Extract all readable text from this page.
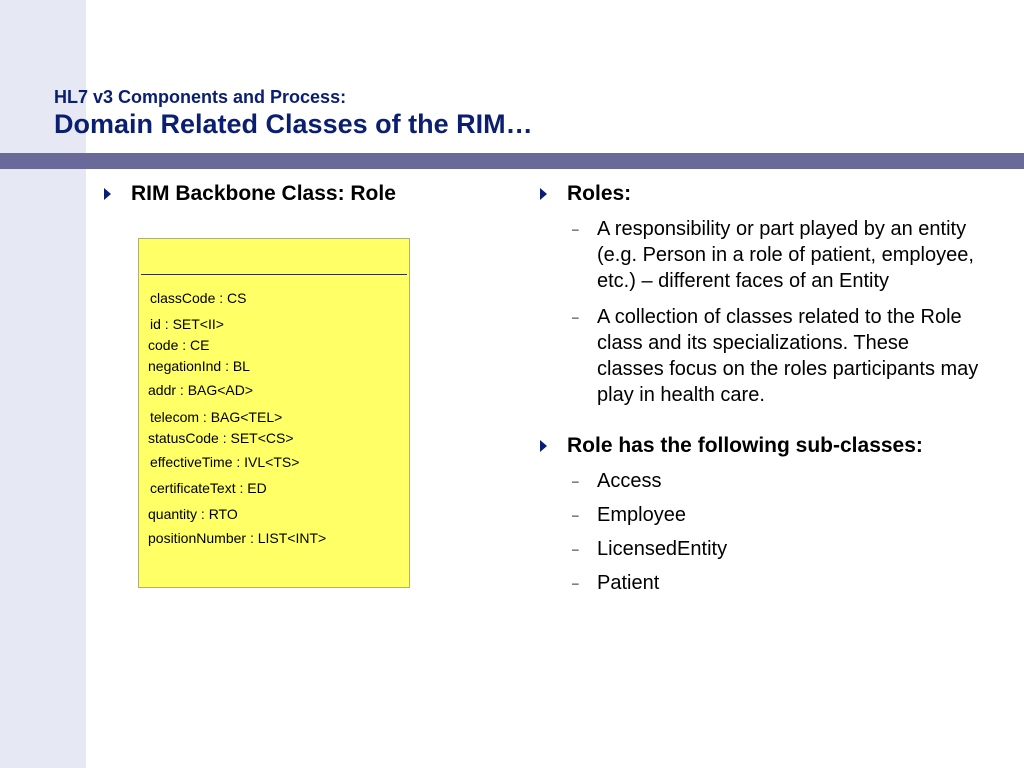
HL7 v3 Components and Process:
Domain Related Classes of the RIM…
RIM Backbone Class: Role
classCode : CS
id : SET<II>
code : CE
negationInd : BL
addr : BAG<AD>
telecom : BAG<TEL>
statusCode : SET<CS>
effectiveTime : IVL<TS>
certificateText : ED
quantity : RTO
positionNumber : LIST<INT>
Roles:
– A responsibility or part played by an entity (e.g. Person in a role of patient, employee, etc.) – different faces of an Entity
– A collection of classes related to the Role class and its specializations. These classes focus on the roles participants may play in health care.
Role has the following sub-classes:
– Access
– Employee
– LicensedEntity
– Patient
